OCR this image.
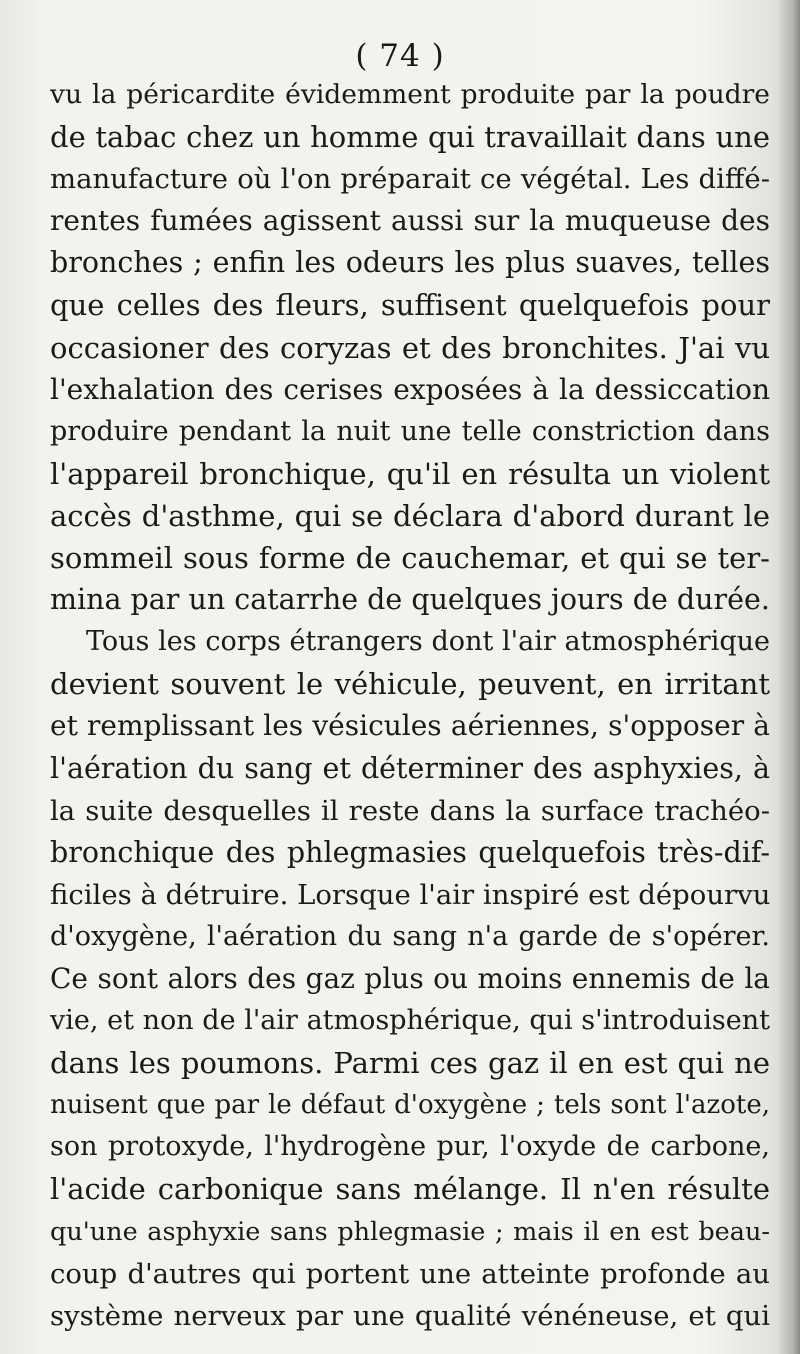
( 74 )
vu la péricardite évidemment produite par la poudre
de tabac chez un homme qui travaillait dans une
manufacture où l'on préparait ce végétal. Les diffé-
rentes fumées agissent aussi sur la muqueuse des
bronches ; enfin les odeurs les plus suaves, telles
que celles des fleurs, suffisent quelquefois pour
occasioner des coryzas et des bronchites. J'ai vu
l'exhalation des cerises exposées à la dessiccation
produire pendant la nuit une telle constriction dans
l'appareil bronchique, qu'il en résulta un violent
accès d'asthme, qui se déclara d'abord durant le
sommeil sous forme de cauchemar, et qui se ter-
mina par un catarrhe de quelques jours de durée.
Tous les corps étrangers dont l'air atmosphérique
devient souvent le véhicule, peuvent, en irritant
et remplissant les vésicules aériennes, s'opposer à
l'aération du sang et déterminer des asphyxies, à
la suite desquelles il reste dans la surface trachéo-
bronchique des phlegmasies quelquefois très-dif-
ficiles à détruire. Lorsque l'air inspiré est dépourvu
d'oxygène, l'aération du sang n'a garde de s'opérer.
Ce sont alors des gaz plus ou moins ennemis de la
vie, et non de l'air atmosphérique, qui s'introduisent
dans les poumons. Parmi ces gaz il en est qui ne
nuisent que par le défaut d'oxygène ; tels sont l'azote,
son protoxyde, l'hydrogène pur, l'oxyde de carbone,
l'acide carbonique sans mélange. Il n'en résulte
qu'une asphyxie sans phlegmasie ; mais il en est beau-
coup d'autres qui portent une atteinte profonde au
système nerveux par une qualité vénéneuse, et qui
